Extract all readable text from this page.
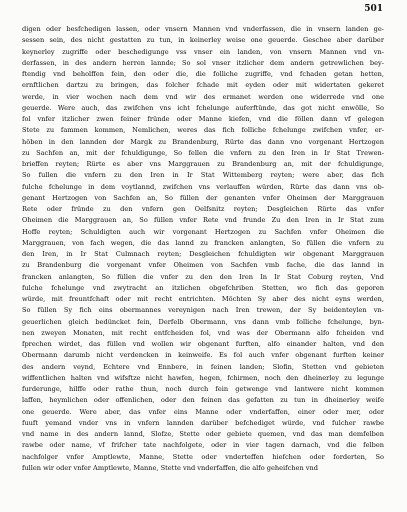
501
digen oder besfchedigen lassen, oder vnsern Mannen vnd vnderfassen, die in vnsern landen ge-
sessen sein, des nicht gestatten zu tun, in keinerley weise one geuerde. Geschee aber darüber
keynerley zugriffe oder beschedigunge vss vnser ein landen, von vnsern Mannen vnd vn-
derfassen, in des andern herren lannde; So sol vnser itzlicher dem andern getrewlichen bey-
ftendig vnd beholffen fein, den oder die, die folliche zugriffe, vnd fchaden getan hetten,
ernftlichen dartzu zu bringen, das folcher fchade mit eyden oder mit widertaten gekeret
werde, in vier wochen nach dem vnd wir des ermanet werden one widerrede vnd one
geuerde. Were auch, das zwifchen vns icht fchelunge auferftünde, das got nicht enwölle, So
fol vnfer itzlicher zwen feiner fründe oder Manne kiefen, vnd die föllen dann vf gelegen
Stete zu fammen kommen, Nemlichen, weres das fich folliche fchelunge zwifchen vnfer, er-
höben in den lannden der Margk zu Brandenburg, Rürte das dann vno vorgenant Hertzogen
zu Sachfen an, mit der fchuldigunge, So fellen die vnfern zu den Iren in Ir Stat Trewen-
brieffen reyten; Rürte es aber vns Marggrauen zu Brandenburg an, mit der fchuldigunge,
So fullen die vnfern zu den Iren in Ir Stat Wittemberg reyten; were aber, das fich
fulche fchelunge in dem voytlannd, zwifchen vns verlauffen würden, Rürte das dann vns ob-
genant Hertzogen von Sachfen an, So füllen der genanten vnfer Oheimen der Marggrauen
Rete oder fründe zu den vnfern gen Oelfsnitz reyten; Desgleichen Rürte das vnfer
Oheimen die Marggrauen an, So füllen vnfer Rete vnd frunde Zu den Iren in Ir Stat zum
Hoffe reyten; Schuldigten auch wir vorgenant Hertzogen zu Sachfen vnfer Oheimen die
Marggrauen, von fach wegen, die das lannd zu francken anlangten, So füllen die vnfern zu
den Iren, in Ir Stat Culmnach reyten; Desgleichen fchuldigten wir obgenant Marggrauen
zu Brandenburg die vorgenant vnfer Oheimen von Sachfen vmb fache, die das lannd in
francken anlangten, So füllen die vnfer zu den den Iren In Ir Stat Coburg reyten, Vnd
fulche fchelunge vnd zwytracht an itzlichen obgefchriben Stetten, wo fich das geporen
würde, mit freuntfchaft oder mit recht entrichten. Möchten Sy aber des nicht eyns werden,
So füllen Sy fich eins obermannes vereynigen nach Iren trewen, der Sy beidenteylen vn-
geuerlichen gleich bedüncket fein, Derfelb Obermann, vns dann vmb folliche fchelunge, byn-
nen zweyen Monaten, mit recht entfcheiden fol, vnd was der Obermann alfo fcheiden vnd
fprechen wirdet, das füllen vnd wollen wir obgenant furften, alfo einander halten, vnd den
Obermann darumb nicht verdencken in keinweife. Es fol auch vnfer obgenant furften keiner
des andern veynd, Echtere vnd Ennbere, in feinen landen; Slofin, Stetten vnd gebieten
wiffentlichen halten vnd wifsftze nicht hawfen, hegen, fchirmen, noch den dheinerley zu legunge
furderunge, hilffe oder rathe thun, noch durch fein getwenge vnd lantwere nicht kommen
laffen, heymlichen oder offenlichen, oder den feinen das gefatten zu tun in dheinerley weife
one geuerde. Were aber, das vnfer eins Manne oder vnderfaffen, einer oder mer, oder
fuuft yemand vnder vns in vnfern lannden darüber befchediget würde, vnd fulcher rawbe
vnd name in des andern lannd, Slofze, Stette oder gebiete quemen, vnd das man demfelben
rawbe oder name, vf frifcher tate nachfolgete, oder in vier tagen darnach, vnd die felben
nachfolger vnfer Amptlewte, Manne, Stette oder vnderteffen hiefchen oder forderten, So
fullen wir oder vnfer Amptlewte, Manne, Stette vnd vnderfaffen, die alfo geheifchen vnd
